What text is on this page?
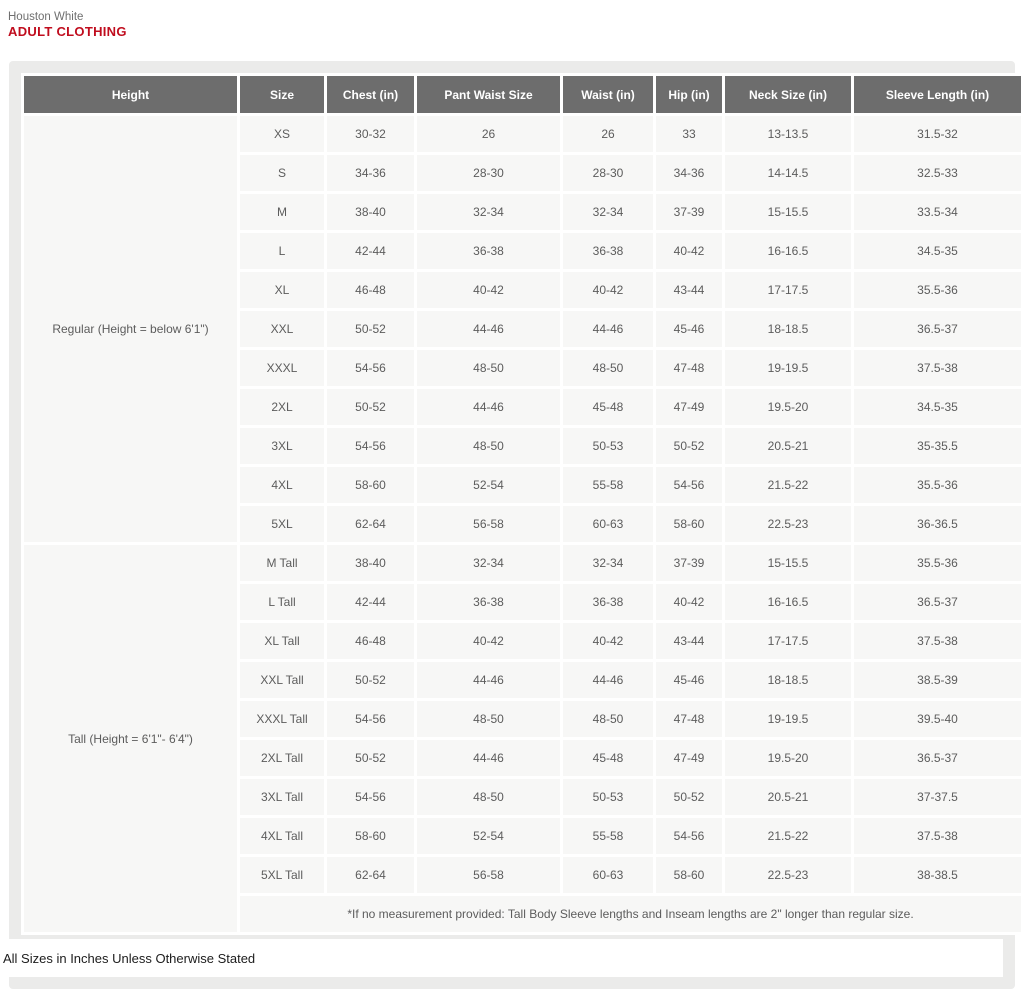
Houston White
ADULT CLOTHING
Height	Size	Chest (in)	Pant Waist Size	Waist (in)	Hip (in)	Neck Size (in)	Sleeve Length (in)
Regular (Height = below 6'1")	XS	30-32	26	26	33	13-13.5	31.5-32
	S	34-36	28-30	28-30	34-36	14-14.5	32.5-33
	M	38-40	32-34	32-34	37-39	15-15.5	33.5-34
	L	42-44	36-38	36-38	40-42	16-16.5	34.5-35
	XL	46-48	40-42	40-42	43-44	17-17.5	35.5-36
	XXL	50-52	44-46	44-46	45-46	18-18.5	36.5-37
	XXXL	54-56	48-50	48-50	47-48	19-19.5	37.5-38
	2XL	50-52	44-46	45-48	47-49	19.5-20	34.5-35
	3XL	54-56	48-50	50-53	50-52	20.5-21	35-35.5
	4XL	58-60	52-54	55-58	54-56	21.5-22	35.5-36
	5XL	62-64	56-58	60-63	58-60	22.5-23	36-36.5
Tall (Height = 6'1"- 6'4")	M Tall	38-40	32-34	32-34	37-39	15-15.5	35.5-36
	L Tall	42-44	36-38	36-38	40-42	16-16.5	36.5-37
	XL Tall	46-48	40-42	40-42	43-44	17-17.5	37.5-38
	XXL Tall	50-52	44-46	44-46	45-46	18-18.5	38.5-39
	XXXL Tall	54-56	48-50	48-50	47-48	19-19.5	39.5-40
	2XL Tall	50-52	44-46	45-48	47-49	19.5-20	36.5-37
	3XL Tall	54-56	48-50	50-53	50-52	20.5-21	37-37.5
	4XL Tall	58-60	52-54	55-58	54-56	21.5-22	37.5-38
	5XL Tall	62-64	56-58	60-63	58-60	22.5-23	38-38.5
	*If no measurement provided: Tall Body Sleeve lengths and Inseam lengths are 2" longer than regular size.						
All Sizes in Inches Unless Otherwise Stated
